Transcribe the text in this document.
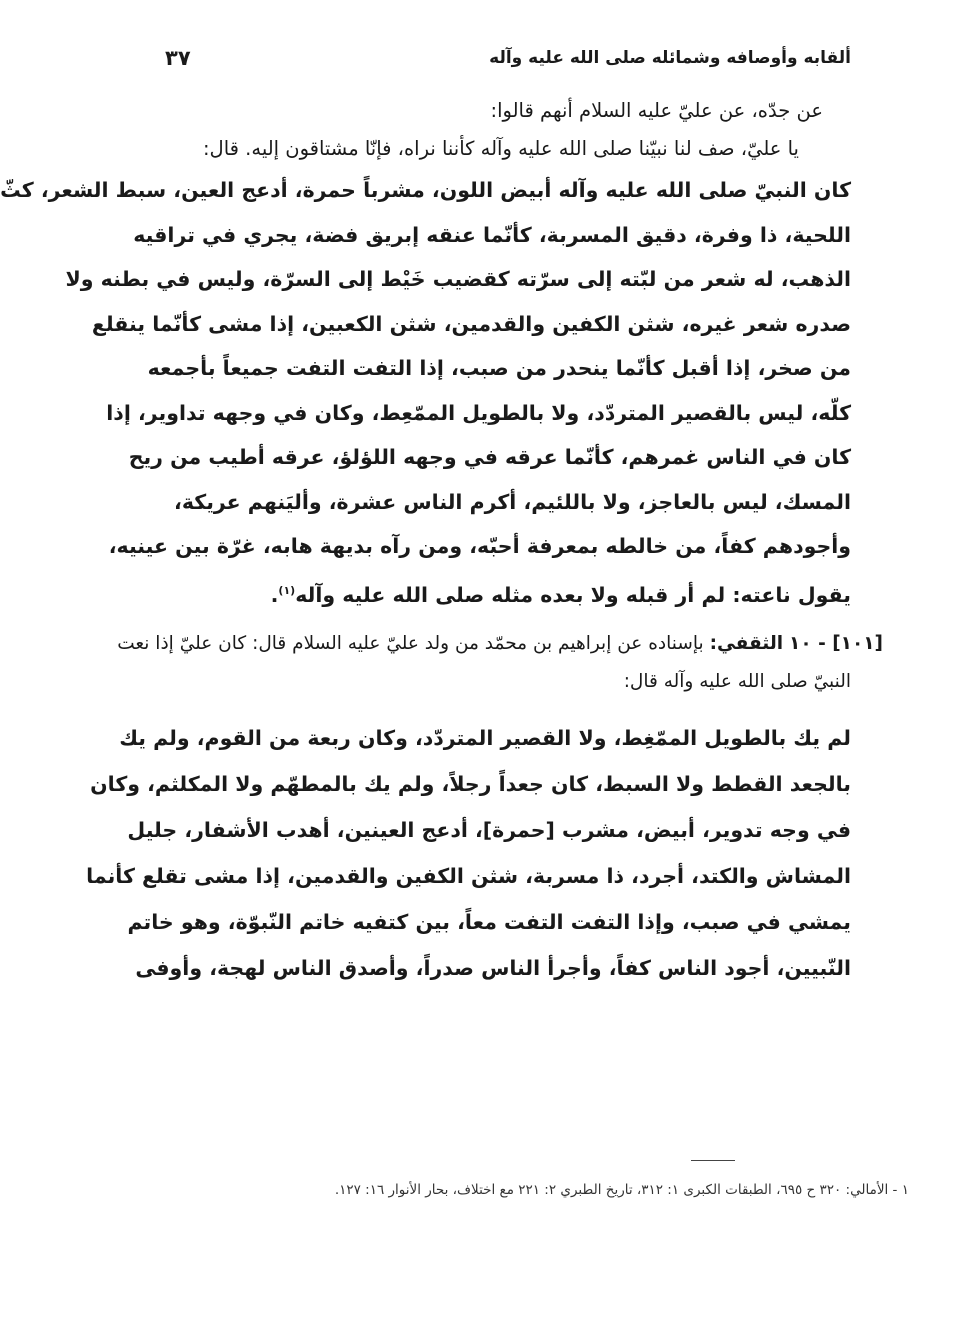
ألقابه وأوصافه وشمائله صلى الله عليه وآله
٣٧
عن جدّه، عن عليّ عليه السلام أنهم قالوا:
يا عليّ، صف لنا نبيّنا صلى الله عليه وآله كأننا نراه، فإنّا مشتاقون إليه. قال:
كان النبيّ صلى الله عليه وآله أبيض اللون، مشرباً حمرة، أدعج العين، سبط الشعر، كثّ
اللحية، ذا وفرة، دقيق المسربة، كأنّما عنقه إبريق فضة، يجري في تراقيه
الذهب، له شعر من لبّته إلى سرّته كقضيب خَيْط إلى السرّة، وليس في بطنه ولا
صدره شعر غيره، شثن الكفين والقدمين، شثن الكعبين، إذا مشى كأنّما ينقلع
من صخر، إذا أقبل كأنّما ينحدر من صبب، إذا التفت التفت جميعاً بأجمعه
كلّه، ليس بالقصير المتردّد، ولا بالطويل الممّعِط، وكان في وجهه تداوير، إذا
كان في الناس غمرهم، كأنّما عرقه في وجهه اللؤلؤ، عرقه أطيب من ريح
المسك، ليس بالعاجز، ولا باللئيم، أكرم الناس عشرة، وأليَنهم عريكة،
وأجودهم كفاً، من خالطه بمعرفة أحبّه، ومن رآه بديهة هابه، غرّة بين عينيه،
يقول ناعته: لم أر قبله ولا بعده مثله صلى الله عليه وآله$^{(١)}$.
[١٠١] - ١٠ الثقفي: بإسناده عن إبراهيم بن محمّد من ولد عليّ عليه السلام قال: كان عليّ إذا نعت
النبيّ صلى الله عليه وآله قال:
لم يك بالطويل الممّغِط، ولا القصير المتردّد، وكان ربعة من القوم، ولم يك
بالجعد القطط ولا السبط، كان جعداً رجلاً، ولم يك بالمطهّم ولا المكلثم، وكان
في وجه تدوير، أبيض، مشرب [حمرة]، أدعج العينين، أهدب الأشفار، جليل
المشاش والكتد، أجرد، ذا مسربة، شثن الكفين والقدمين، إذا مشى تقلع كأنما
يمشي في صبب، وإذا التفت التفت معاً، بين كتفيه خاتم النّبوّة، وهو خاتم
النّبيين، أجود الناس كفاً، وأجرأ الناس صدراً، وأصدق الناس لهجة، وأوفى
١ - الأمالي: ٣٢٠ ح ٦٩٥، الطبقات الكبرى ١: ٣١٢، تاريخ الطبري ٢: ٢٢١ مع اختلاف، بحار الأنوار ١٦: ١٢٧.
